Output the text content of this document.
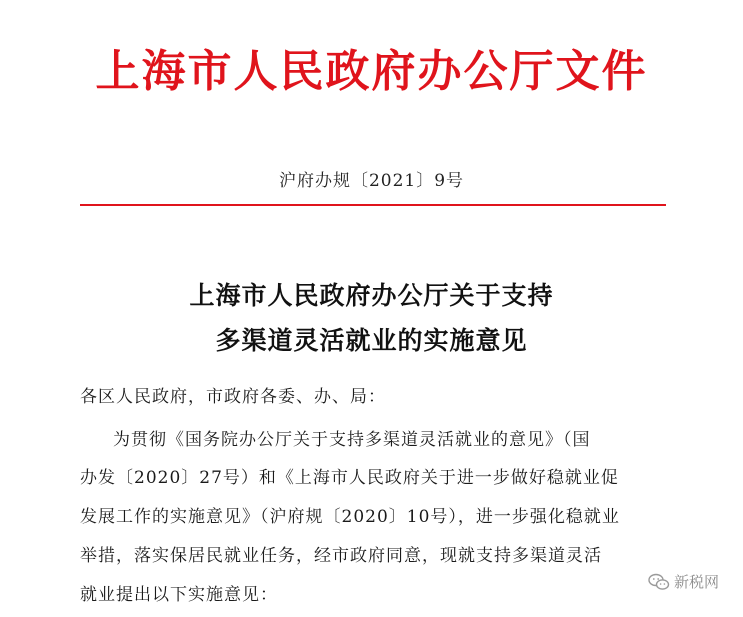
上海市人民政府办公厅文件
沪府办规〔2021〕9号
上海市人民政府办公厅关于支持
多渠道灵活就业的实施意见
各区人民政府，市政府各委、办、局：
为贯彻《国务院办公厅关于支持多渠道灵活就业的意见》（国
办发〔2020〕27号）和《上海市人民政府关于进一步做好稳就业促
发展工作的实施意见》（沪府规〔2020〕10号），进一步强化稳就业
举措，落实保居民就业任务，经市政府同意，现就支持多渠道灵活
就业提出以下实施意见：
新税网
